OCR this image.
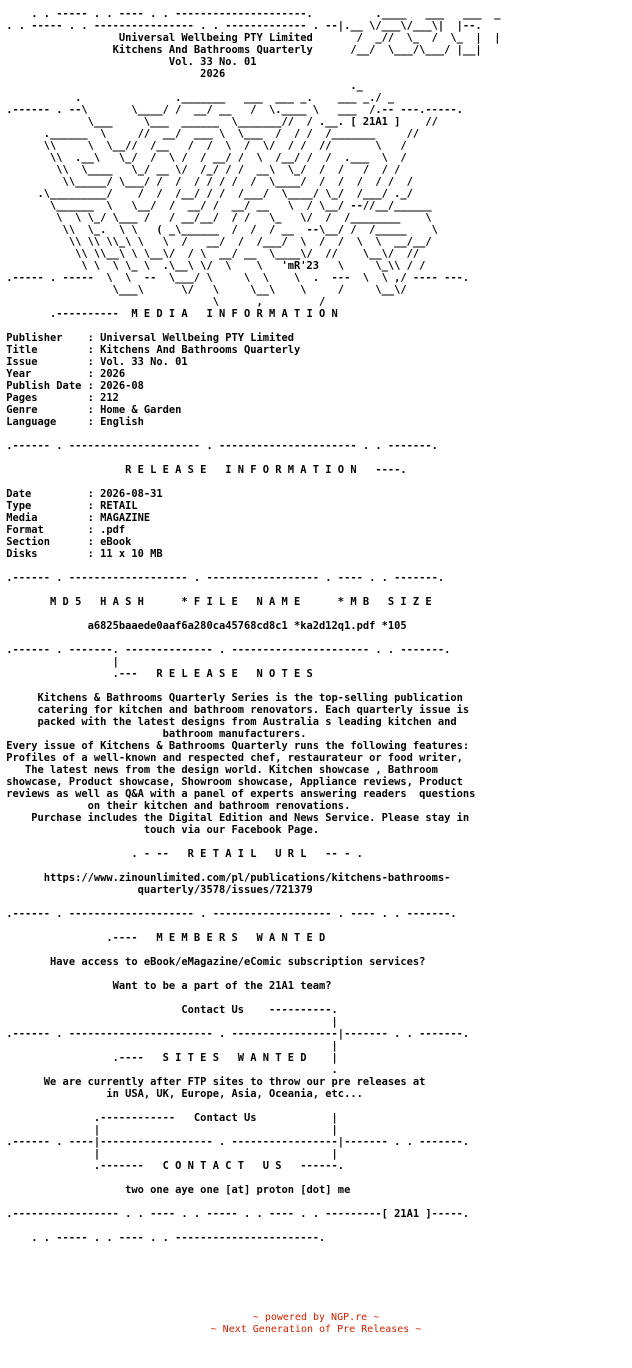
. . ----- . . ---- . . ---------------------.          .____   ___   ___  _
. . ----- . . ---------------- . . ------------- . --|.__ \/___\/___\|  |--.
Universal Wellbeing PTY Limited       /  _//  \_  /  \_  |  |
Kitchens And Bathrooms Quarterly      /__/  \___/\___/ |__|
Vol. 33 No. 01
2026
._
.               ._______   ___  ___ _.    ___ _./ _
.------ . --\       \____/ /  __/ __   /  \.____ \   ___  /.-- ---.-----.
\___     \___  ______  \_______//  / .__. [ 21A1 ]    //
.______  \     //  __/  ___ \  \___  /  / /  /_______     //
\\     \  \__//  /__   /  /  \  /  \/  / /  //       \   /
\\  .__\   \_/  /  \ /  / __/ /  \  /__/ /  /  .___  \  /
\\  \____   \_/ __ \/  /_/ / /  __\  \_/  /  /   /  / /
\\_____/ \___/ /  /  / / / /  /  \____/  /  /  /  / /  /
.\_________/    /  /  /__/ / /  /___/  \____/ \_/  /___/ ._/
\______  \   \__/  /  __/ /  __/ __   \  / \__/ --//__/______
\  \ \_/ \___ /   / __/__/  / /   \_   \/  /  /________    \
\\  \_.  \ \   ( _\______  /  /  / __  --\__/ /  /_____    \
\\ \\ \\_\ \   \  /   __/  /  /___/  \  /  /  \  \  __/__/
\\ \\__\ \ \__\/  / \  __/ __  \____\/  //    \__\/  //
\ \  \ \_ \  .\__\ \/  \    \   'mR'23   \     \_\\ / /
.----- . -----  \  \  --  \___/ \     \  \    \  .  ---  \  \ ,/ ---- ---.
\___\      \/   \     \__\    \     /     \__\/
\      ,         /
.----------  M E D I A   I N F O R M A T I O N

Publisher    : Universal Wellbeing PTY Limited
Title        : Kitchens And Bathrooms Quarterly
Issue        : Vol. 33 No. 01
Year         : 2026
Publish Date : 2026-08
Pages        : 212
Genre        : Home & Garden
Language     : English

.------ . --------------------- . ---------------------- . . -------.

R E L E A S E   I N F O R M A T I O N   ----.

Date         : 2026-08-31
Type         : RETAIL
Media        : MAGAZINE
Format       : .pdf
Section      : eBook
Disks        : 11 x 10 MB

.------ . ------------------- . ------------------ . ---- . . -------.

M D 5   H A S H      * F I L E   N A M E      * M B   S I Z E

a6825baaede0aaf6a280ca45768cd8c1 *ka2d12q1.pdf *105

.------ . -------. -------------- . ---------------------- . . -------.
|
.---   R E L E A S E   N O T E S

Kitchens & Bathrooms Quarterly Series is the top-selling publication
catering for kitchen and bathroom renovators. Each quarterly issue is
packed with the latest designs from Australia s leading kitchen and
bathroom manufacturers.
Every issue of Kitchens & Bathrooms Quarterly runs the following features:
Profiles of a well-known and respected chef, restaurateur or food writer,
The latest news from the design world. Kitchen showcase , Bathroom
showcase, Product showcase, Showroom showcase, Appliance reviews, Product
reviews as well as Q&A with a panel of experts answering readers  questions
on their kitchen and bathroom renovations.
Purchase includes the Digital Edition and News Service. Please stay in
touch via our Facebook Page.

. - --   R E T A I L   U R L   -- - .

https://www.zinounlimited.com/pl/publications/kitchens-bathrooms-
quarterly/3578/issues/721379

.------ . -------------------- . ------------------- . ---- . . -------.

.----   M E M B E R S   W A N T E D

Have access to eBook/eMagazine/eComic subscription services?

Want to be a part of the 21A1 team?

Contact Us    ----------.
|
.------ . ----------------------- . -----------------|------- . . -------.
|
.----   S I T E S   W A N T E D    |
.
We are currently after FTP sites to throw our pre releases at
in USA, UK, Europe, Asia, Oceania, etc...

.------------   Contact Us            |
|                                     |
.------ . ----|------------------ . -----------------|------- . . -------.
|                                     |
.-------   C O N T A C T   U S   ------.

two one aye one [at] proton [dot] me

.----------------- . . ---- . . ----- . . ---- . . ---------[ 21A1 ]-----.

. . ----- . . ---- . . -----------------------.
~ powered by NGP.re ~
~ Next Generation of Pre Releases ~
